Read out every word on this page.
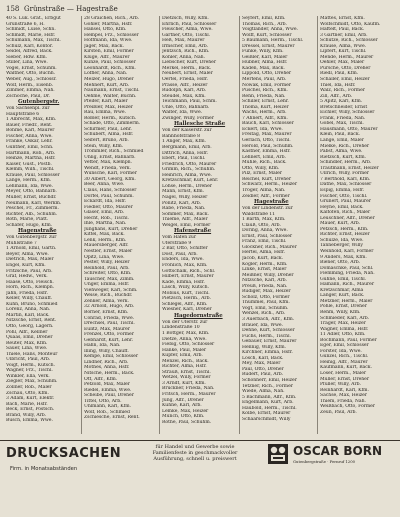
158 Grünstraße — Hagestraße
40 S. Luk. Grat., Erbgut
Grünstraße 6, H.
Schmidt, Luise, Schn.
Schmidt, Marie, Hsfr.
Schumann, Max, Tischl.
Schulz, Karl, Kontor.
Seidel, Alfred, Bäck.
Sieber, Hdw. Kfm.
Stiller, Lina, Wwe.
Vogel, Ernst, Schuhm.
Walther, Otto, Buchh.
Weber, Aug., Schlossr.
Wolf, Herm., Eisenb.
Zimmer, Emma, Näh.
Zschoche, Paul, Dr.
Gutenbergstr.
Von Sachsenpl. zur
Hauptstraße 6
1 Albrecht, Max, Kfm.
Bauer, Friedr., Rent.
Böhme, Karl, Maurer
Fischer, Anna, Wwe.
Franke, Oskar, Lehr.
Günther, Emil, Schn.
Hartmann, Rob., Arb.
Heinze, Martha, Hsfr.
Kaiser, Gust., Postb.
Klemm, Wilh., Tischl.
Krause, Paul, Schlosser
Lange, Herm., Kfm.
Lehmann, Ida, Wwe.
Meyer, Otto, Bahnarb.
Müller, Ernst, Buchdr.
Neumann, Karl, Werkm.
Peschel, Fr., Zimmerm.
Richter, Alb., Schuhm.
Roth, Marie, Plätt.
Schäfer, Hugo, Kfm.
Hagenstraße
Von Gutenbergstr. zur
Mühlstraße 7
1 Arnold, Emil, Gärtn.
Beyer, Alma, Wwe.
Dietrich, Max, Maler
Engel, Kurt, Kfm.
Fritzsche, Paul, Arb.
Graf, Hedw., Verk.
Haase, Otto, Fleisch.
Horn, Rich., Klempn.
Jahn, Frieda, Hsfr.
Keller, Willy, Chauff.
Kühn, Bruno, Schmied
Lorenz, Anna, Näh.
Martin, Karl, Bäck.
Nitzsche, Ernst, Rent.
Otto, Georg, Lagerh.
Pohl, Alfr., Kellner
Quaas, Emil, Dreher
Reuter, Max, Kfm.
Sauer, Lina, Wwe.
Thiele, Hans, Monteur
Ulbricht, Paul, Arb.
Voigt, Herm., Kutsch.
Wagner, Frz., Tischl.
Winkler, Ella, Verk.
Ziegler, Max, Schuhm.
Zöllner, Rob., Maler
Zschau, Otto, Kfm.
3 Adam, Kurt, Elektr.
Bach, Marie, Hsfr.
Beck, Ernst, Postsch.
Brand, Willy, Arb.
Busch, Emma, Wwe.
28 Graichen, Rich., Arb.
Göhler, Martha, Hsfr.
Hänsel, Otto, Kfm.
Hempel, Frz., Schlosser
Hoffmann, Ida, Wwe.
Jäger, Max, Bäck.
Kirsten, Emil, Former
Kluge, Alfr., Maurer
Kunze, Paul, Schlosser
Leonhardt, Rich., Kfm.
Löffler, Anna, Näh.
Melzer, Hugo, Dreher
Mehnert, Kurt, Arb.
Naumann, Ernst, Tischl.
Oehme, Walter, Buchh.
Pfeifer, Karl, Maler
Preißler, Max, Heizer
Rau, Emma, Wwe.
Rößler, Herm., Kutsch.
Schade, Otto, Zimmerm.
Schirmer, Paul, Lehr.
Schubert, Alma, Hsfr.
Seifert, Bruno, Arb.
Stein, Willy, Kfm.
Trommler, Rich., Schmied
Uhlig, Ernst, Bahnarb.
Vetter, Max, Klempn.
Wendt, Frieda, Verk.
Wünsche, Karl, Former
30 Albert, Georg, Kfm.
Beer, Anna, Wwe.
Claus, Hans, Schlosser
Dörfel, Paul, Schuhm.
Eckardt, Ida, Hsfr.
Fiedler, Otto, Maurer
Gläser, Emil, Arb.
Hecht, Rob., Tischl.
Ihle, Martha, Näh.
Junghans, Kurt, Dreher
Kittel, Max, Bäck.
Lenk, Herm., Kfm.
Mauersberger, Alfr.
Nestler, Ernst, Maler
Opitz, Lina, Wwe.
Pester, Willy, Heizer
Reinhold, Paul, Arb.
Schreiter, Otto, Kfm.
Tauscher, Max, Zimm.
Unger, Emma, Hsfr.
Viehweger, Karl, Schm.
Weise, Rich., Buchdr.
Zenker, Alma, Verk.
32 Arnold, Hugo, Arb.
Börner, Ernst, Kfm.
Conrad, Frieda, Wwe.
Drechsel, Paul, Tischl.
Eulitz, Max, Maurer
Frenzel, Otto, Former
Gebhardt, Kurt, Lehr.
Hahn, Ida, Näh.
Illing, Willy, Chauff.
Kempe, Emil, Schlosser
Lindner, Rich., Arb.
Mothes, Anna, Hsfr.
Nitsche, Herm., Bäck.
Ott, Alfr., Kfm.
Petzold, Max, Maler
Riedel, Emma, Wwe.
Scheibe, Paul, Dreher
Tittel, Otto, Arb.
Uhlmann, Karl, Kfm.
Wolf, Rob., Schmied
Zschiesche, Ernst, Rent.
Dietzsch, Willy, Kfm.
Ehrlich, Paul, Schlosser
Fleischer, Alma, Wwe.
Gärtner, Otto, Tischl.
Heß, Max, Maurer
Irmscher, Emil, Arb.
Jentzsch, Rich., Kfm.
Köhler, Anna, Näh.
Liebscher, Kurt, Dreher
Merkel, Herm., Bäck.
Neubert, Ernst, Maler
Oertel, Frieda, Hsfr.
Prasse, Alfr., Heizer
Rudolph, Karl, Arb.
Steudel, Max, Kfm.
Teichmann, Paul, Schm.
Uhle, Otto, Bahnarb.
Walter, Ida, Wwe.
Zwinger, Willy, Former
Hallesche Straße
Von der Kaiserstr. zur
Bahnhofstraße 8
1 Anger, Max, Kfm.
Bergmann, Emil, Arb.
Dittrich, Anna, Hsfr.
Ebert, Paul, Tischl.
Friedrich, Otto, Maurer
Grimm, Rich., Schuhm.
Heinrich, Alma, Wwe.
Kretzschmar, Kurt, Lehr.
Lohse, Herm., Dreher
Mann, Ernst, Kfm.
Nagel, Willy, Heizer
Pönitz, Karl, Arb.
Rabe, Frieda, Näh.
Sommer, Max, Bäck.
Thieme, Alfr., Maler
Weigel, Emil, Former
Hafenstraße
Vom Hafen zur
Uferstraße 9
2 Bär, Otto, Schiffer
Dost, Paul, Arb.
Enders, Ida, Wwe.
Fröhlich, Max, Kfm.
Gottschalk, Rich., Schl.
Hilbert, Ernst, Maurer
Kade, Emma, Hsfr.
Lasch, Willy, Kutsch.
Möbius, Kurt, Tischl.
Pietzsch, Herm., Arb.
Schlegel, Alfr., Kfm.
Wiesner, Karl, Dreher
Hagedornstraße
Von der Uferstr. zur
Lindenstraße 10
1 Böttger, Max, Kfm.
Dietze, Anna, Wwe.
Fiebig, Otto, Schlosser
Hanke, Paul, Maler
Kupfer, Emil, Arb.
Menzel, Rich., Bäck.
Richter, Alma, Hsfr.
Strauß, Ernst, Tischl.
Wetzel, Willy, Former
3 Arndt, Kurt, Kfm.
Brückner, Frieda, Näh.
Fritsch, Herm., Maurer
Jung, Alfr., Dreher
Kühne, Karl, Arb.
Lemke, Max, Heizer
Münch, Otto, Kfm.
Rothe, Paul, Schuhm.
Seyfert, Emil, Kfm.
Thomas, Rich., Arb.
Voigtländer, Anna, Wwe.
Wolff, Kurt, Schlosser
5 Baumann, Herm., Tischl.
Dressel, Ernst, Maurer
Funke, Willy, Kfm.
Geißler, Karl, Maler
Hübner, Alma, Hsfr.
Kaden, Max, Bäck.
Lippold, Otto, Dreher
Mertens, Paul, Arb.
Nowak, Emil, Former
Püschel, Rich., Kfm.
Rehn, Frieda, Näh.
Schiller, Ernst, Lehr.
Thomä, Kurt, Heizer
Wachs, Herm., Arb.
7 Ahnert, Alfr., Kfm.
Bauch, Karl, Schlosser
Eckert, Ida, Wwe.
Freitag, Max, Maurer
Gerlach, Otto, Tischl.
Herold, Paul, Schuhm.
Kästner, Emma, Hsfr.
Lehnert, Emil, Arb.
Mühle, Rich., Bäck.
Otto, Willy, Kfm.
Pilz, Ernst, Maler
Reichel, Kurt, Dreher
Schwarz, Herm., Heizer
Tröger, Alma, Näh.
Zeidler, Alfr., Former
Hagestraße
Von der Lindenstr. zur
Waldstraße 11
1 Barth, Max, Kfm.
Clauß, Otto, Arb.
Döring, Anna, Wwe.
Ernst, Paul, Schlosser
Franz, Emil, Tischl.
Glöckner, Rich., Maurer
Hertel, Alma, Hsfr.
Jacob, Kurt, Bäck.
Kögler, Herm., Kfm.
Linke, Ernst, Maler
Meißner, Willy, Dreher
Nitzsche, Karl, Arb.
Preuß, Frieda, Näh.
Rüdiger, Max, Heizer
Scholz, Otto, Former
Thümmel, Paul, Kfm.
Vogt, Emil, Schuhm.
Wenzel, Rich., Arb.
3 Auerbach, Alfr., Kfm.
Bräuer, Ida, Wwe.
Dehne, Kurt, Schlosser
Fuchs, Herm., Tischl.
Gebauer, Ernst, Maurer
Hennig, Willy, Kfm.
Kirchner, Emma, Hsfr.
Lösch, Karl, Bäck.
Mey, Max, Maler
Paul, Otto, Dreher
Rudert, Paul, Arb.
Schönherr, Emil, Heizer
Tetzner, Rich., Former
Wiede, Alma, Näh.
5 Bachmann, Alfr., Kfm.
Engelmann, Kurt, Arb.
Haubold, Herm., Tischl.
Kolbe, Ernst, Maurer
Schaarschmidt, Willy
Mattes, Ernst, Kfm.
Wolfschmidt, Otto, Kaufm.
Haftelt, Paul, Bäck.
3 Gärtner, Emil, Arb.
Schütze, Rich., Schlosser
Krause, Alma, Wwe.
Lipfert, Kurt, Tischl.
Mende, Herm., Maurer
Oehler, Max, Maler
Pursche, Otto, Dreher
Riedl, Paul, Kfm.
Schaller, Emil, Heizer
Thiel, Ida, Hsfr.
Walz, Rich., Former
Zill, Alfr., Arb.
5 Apitz, Karl, Kfm.
Bretschneider, Ernst
Eichler, Willy, Schlosser
Frank, Frieda, Näh.
Göbel, Max, Tischl.
Hausmann, Otto, Maurer
Klein, Paul, Bäck.
Lange, Emil, Maler
Mielke, Rich., Dreher
Pabst, Alma, Wwe.
Rietzsch, Kurt, Kfm.
Schindler, Herm., Arb.
Trautmann, Ernst, Heizer
Ullrich, Willy, Former
7 Berthold, Karl, Kfm.
Dathe, Max, Schlosser
Espig, Emma, Hsfr.
Fischer, Otto, Tischl.
Grünert, Paul, Maurer
Heyne, Emil, Bäck.
Kaltofen, Rich., Maler
Leuschner, Alfr., Dreher
Mauer, Kurt, Arb.
Petzsch, Herm., Kfm.
Richter, Ernst, Heizer
Schulze, Ida, Wwe.
Tanneberger, Willy
Weinhold, Karl, Former
9 Anders, Max, Kfm.
Biener, Otto, Arb.
Domaschke, Paul, Schl.
Flemming, Frieda, Näh.
Gühne, Emil, Tischl.
Hamann, Rich., Maurer
Kretzschmar, Alma
Langer, Kurt, Bäck.
Metzner, Herm., Maler
Pohle, Ernst, Dreher
Rehm, Willy, Kfm.
Schmieder, Karl, Arb.
Träger, Max, Heizer
Wagner, Emma, Hsfr.
11 Adler, Otto, Kfm.
Bochmann, Paul, Former
Eger, Emil, Schlosser
Förster, Ida, Wwe.
Günzel, Rich., Tischl.
Heinig, Alfr., Maurer
Kaufmann, Kurt, Bäck.
Löser, Herm., Maler
Müller, Ernst, Dreher
Pfüller, Willy, Arb.
Reinhardt, Karl, Kfm.
Sachse, Max, Heizer
Thiem, Frieda, Näh.
Weißbach, Otto, Former
Zeun, Paul, Arb.
DRUCKSACHEN	für Handel und Gewerbe sowie
Familienfeste in geschmackvoller
Ausführung, schnell u. preiswert
OSCAR BORN
Gutenbergstraße · Fernruf 1200
Firm. in Monatsabständen
